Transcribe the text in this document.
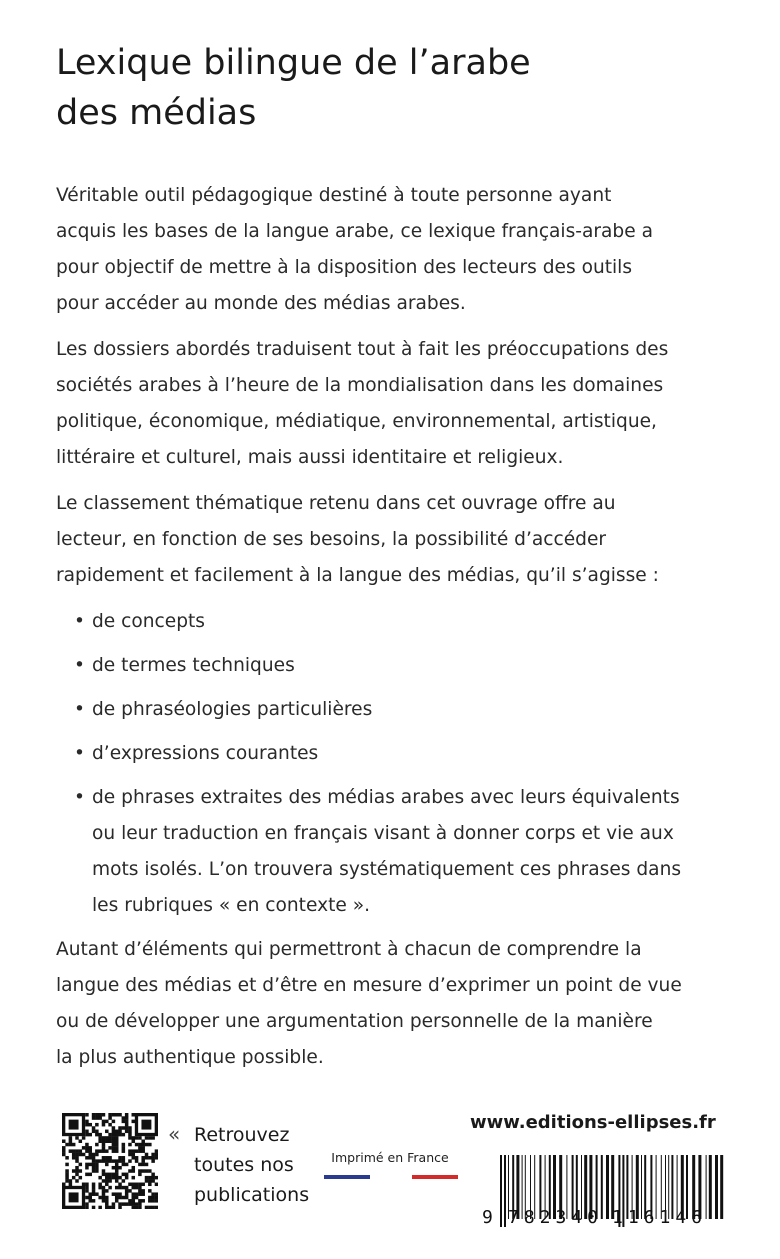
Lexique bilingue de l’arabe
des médias

Véritable outil pédagogique destiné à toute personne ayant
acquis les bases de la langue arabe, ce lexique français-arabe a
pour objectif de mettre à la disposition des lecteurs des outils
pour accéder au monde des médias arabes.

Les dossiers abordés traduisent tout à fait les préoccupations des
sociétés arabes à l’heure de la mondialisation dans les domaines
politique, économique, médiatique, environnemental, artistique,
littéraire et culturel, mais aussi identitaire et religieux.

Le classement thématique retenu dans cet ouvrage offre au
lecteur, en fonction de ses besoins, la possibilité d’accéder
rapidement et facilement à la langue des médias, qu’il s’agisse :

• de concepts
• de termes techniques
• de phraséologies particulières
• d’expressions courantes
• de phrases extraites des médias arabes avec leurs équivalents
ou leur traduction en français visant à donner corps et vie aux
mots isolés. L’on trouvera systématiquement ces phrases dans
les rubriques « en contexte ».

Autant d’éléments qui permettront à chacun de comprendre la
langue des médias et d’être en mesure d’exprimer un point de vue
ou de développer une argumentation personnelle de la manière
la plus authentique possible.

« Retrouvez
toutes nos
publications
Imprimé en France
www.editions-ellipses.fr
9 782340 116146
